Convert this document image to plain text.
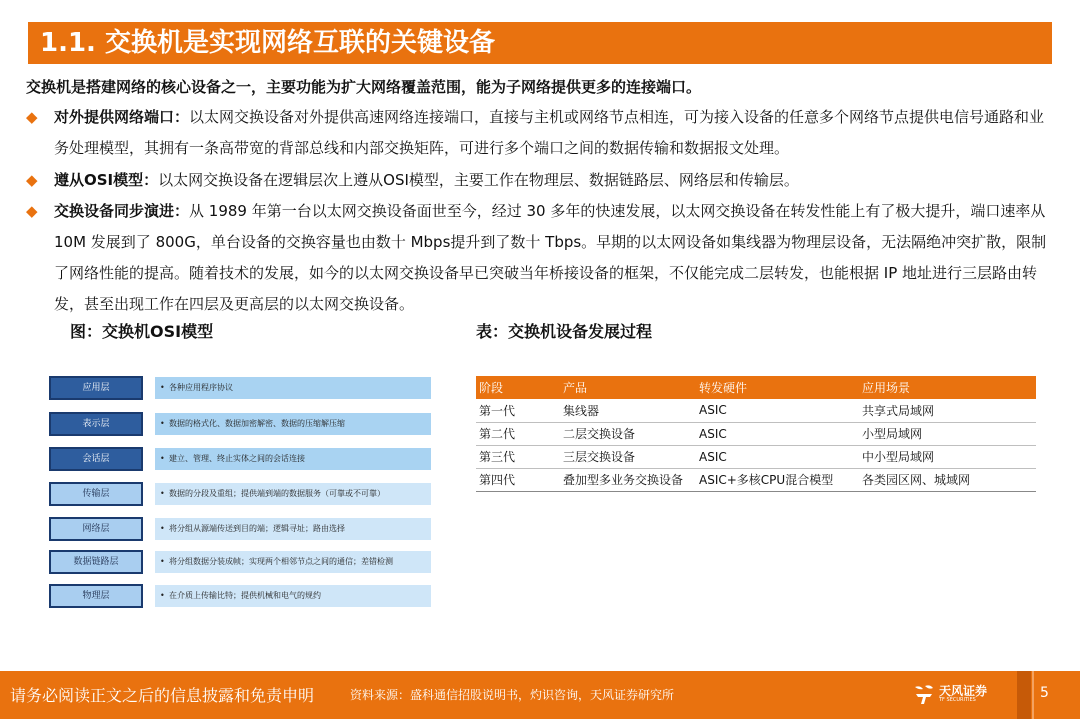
1.1. 交换机是实现网络互联的关键设备
交换机是搭建网络的核心设备之一，主要功能为扩大网络覆盖范围，能为子网络提供更多的连接端口。
◆ 对外提供网络端口：以太网交换设备对外提供高速网络连接端口，直接与主机或网络节点相连，可为接入设备的任意多个网络节点提供电信号通路和业务处理模型，其拥有一条高带宽的背部总线和内部交换矩阵，可进行多个端口之间的数据传输和数据报文处理。
◆ 遵从OSI模型：以太网交换设备在逻辑层次上遵从OSI模型，主要工作在物理层、数据链路层、网络层和传输层。
◆ 交换设备同步演进：从 1989 年第一台以太网交换设备面世至今，经过 30 多年的快速发展，以太网交换设备在转发性能上有了极大提升，端口速率从 10M 发展到了 800G，单台设备的交换容量也由数十 Mbps提升到了数十 Tbps。早期的以太网设备如集线器为物理层设备，无法隔绝冲突扩散，限制了网络性能的提高。随着技术的发展，如今的以太网交换设备早已突破当年桥接设备的框架，不仅能完成二层转发，也能根据 IP 地址进行三层路由转发，甚至出现工作在四层及更高层的以太网交换设备。
图：交换机OSI模型	表：交换机设备发展过程
应用层	• 各种应用程序协议
表示层	• 数据的格式化、数据加密解密、数据的压缩解压缩
会话层	• 建立、管理、终止实体之间的会话连接
传输层	• 数据的分段及重组；提供端到端的数据服务（可靠或不可靠）
网络层	• 将分组从源端传送到目的端；逻辑寻址；路由选择
数据链路层	• 将分组数据分装成帧；实现两个相邻节点之间的通信；差错检测
物理层	• 在介质上传输比特；提供机械和电气的规约
阶段	产品	转发硬件	应用场景
第一代	集线器	ASIC	共享式局域网
第二代	二层交换设备	ASIC	小型局域网
第三代	三层交换设备	ASIC	中小型局域网
第四代	叠加型多业务交换设备	ASIC+多核CPU混合模型	各类园区网、城域网
请务必阅读正文之后的信息披露和免责申明	资料来源：盛科通信招股说明书，灼识咨询，天风证券研究所	天风证券
TF SECURITIES	5
